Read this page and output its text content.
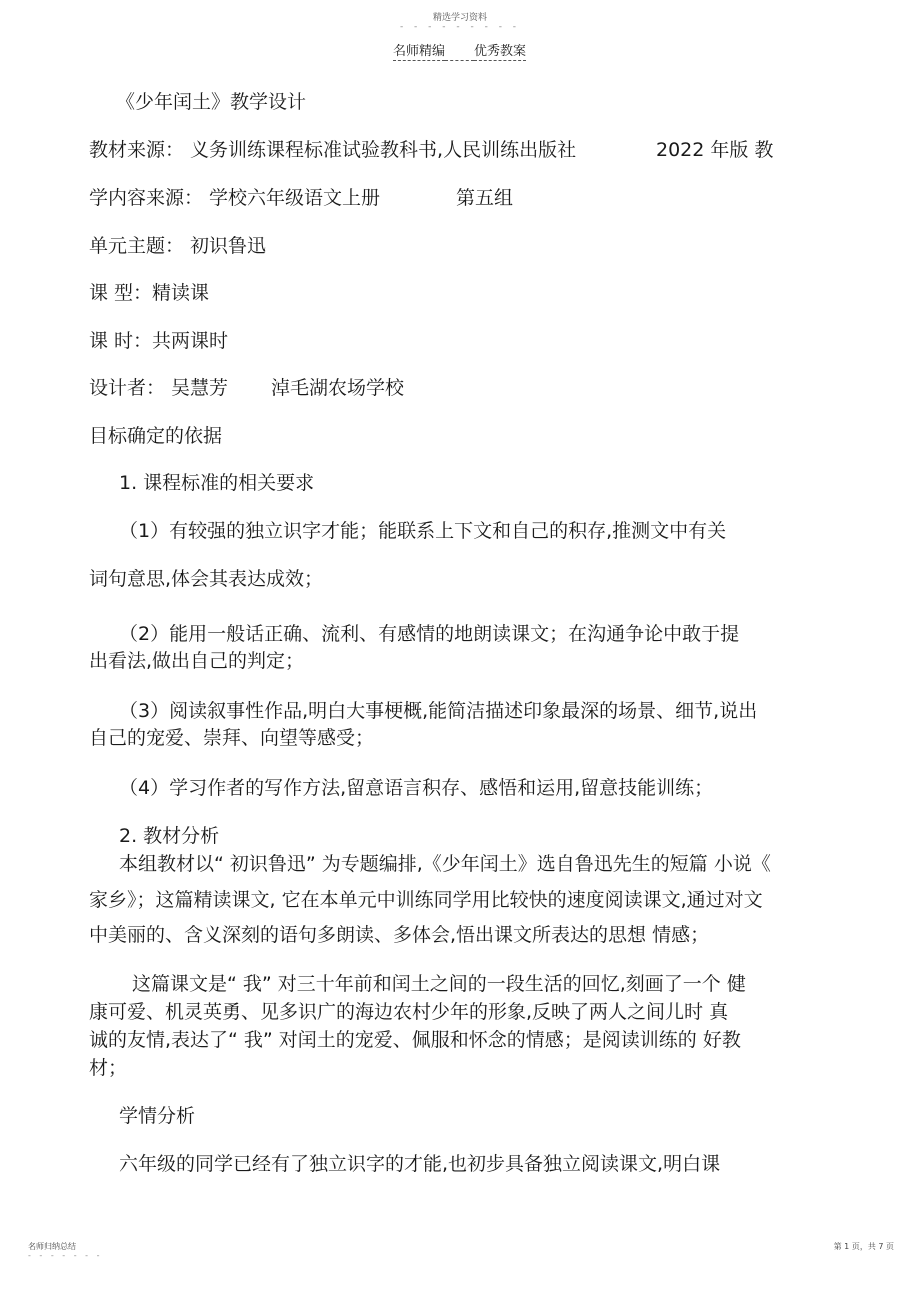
精选学习资料
- - - - - - - - -
名师精编 优秀教案
《少年闰土》教学设计
教材来源： 义务训练课程标准试验教科书,人民训练出版社	2022 年版 教
学内容来源： 学校六年级语文上册	第五组
单元主题： 初识鲁迅
课 型：精读课
课 时：共两课时
设计者： 吴慧芳 淖毛湖农场学校
目标确定的依据
1. 课程标准的相关要求
（1）有较强的独立识字才能；能联系上下文和自己的积存,推测文中有关
词句意思,体会其表达成效；
（2）能用一般话正确、流利、有感情的地朗读课文；在沟通争论中敢于提
出看法,做出自己的判定；
（3）阅读叙事性作品,明白大事梗概,能简洁描述印象最深的场景、细节,说出
自己的宠爱、崇拜、向望等感受；
（4）学习作者的写作方法,留意语言积存、感悟和运用,留意技能训练；
2. 教材分析
本组教材以“ 初识鲁迅” 为专题编排,《少年闰土》选自鲁迅先生的短篇 小说《
家乡》；这篇精读课文, 它在本单元中训练同学用比较快的速度阅读课文,通过对文
中美丽的、含义深刻的语句多朗读、多体会,悟出课文所表达的思想 情感；
这篇课文是“ 我” 对三十年前和闰土之间的一段生活的回忆,刻画了一个 健
康可爱、机灵英勇、见多识广的海边农村少年的形象,反映了两人之间儿时 真
诚的友情,表达了“ 我” 对闰土的宠爱、佩服和怀念的情感；是阅读训练的 好教
材；
学情分析
六年级的同学已经有了独立识字的才能,也初步具备独立阅读课文,明白课
名师归纳总结
- - - - - - -
第 1 页，共 7 页
